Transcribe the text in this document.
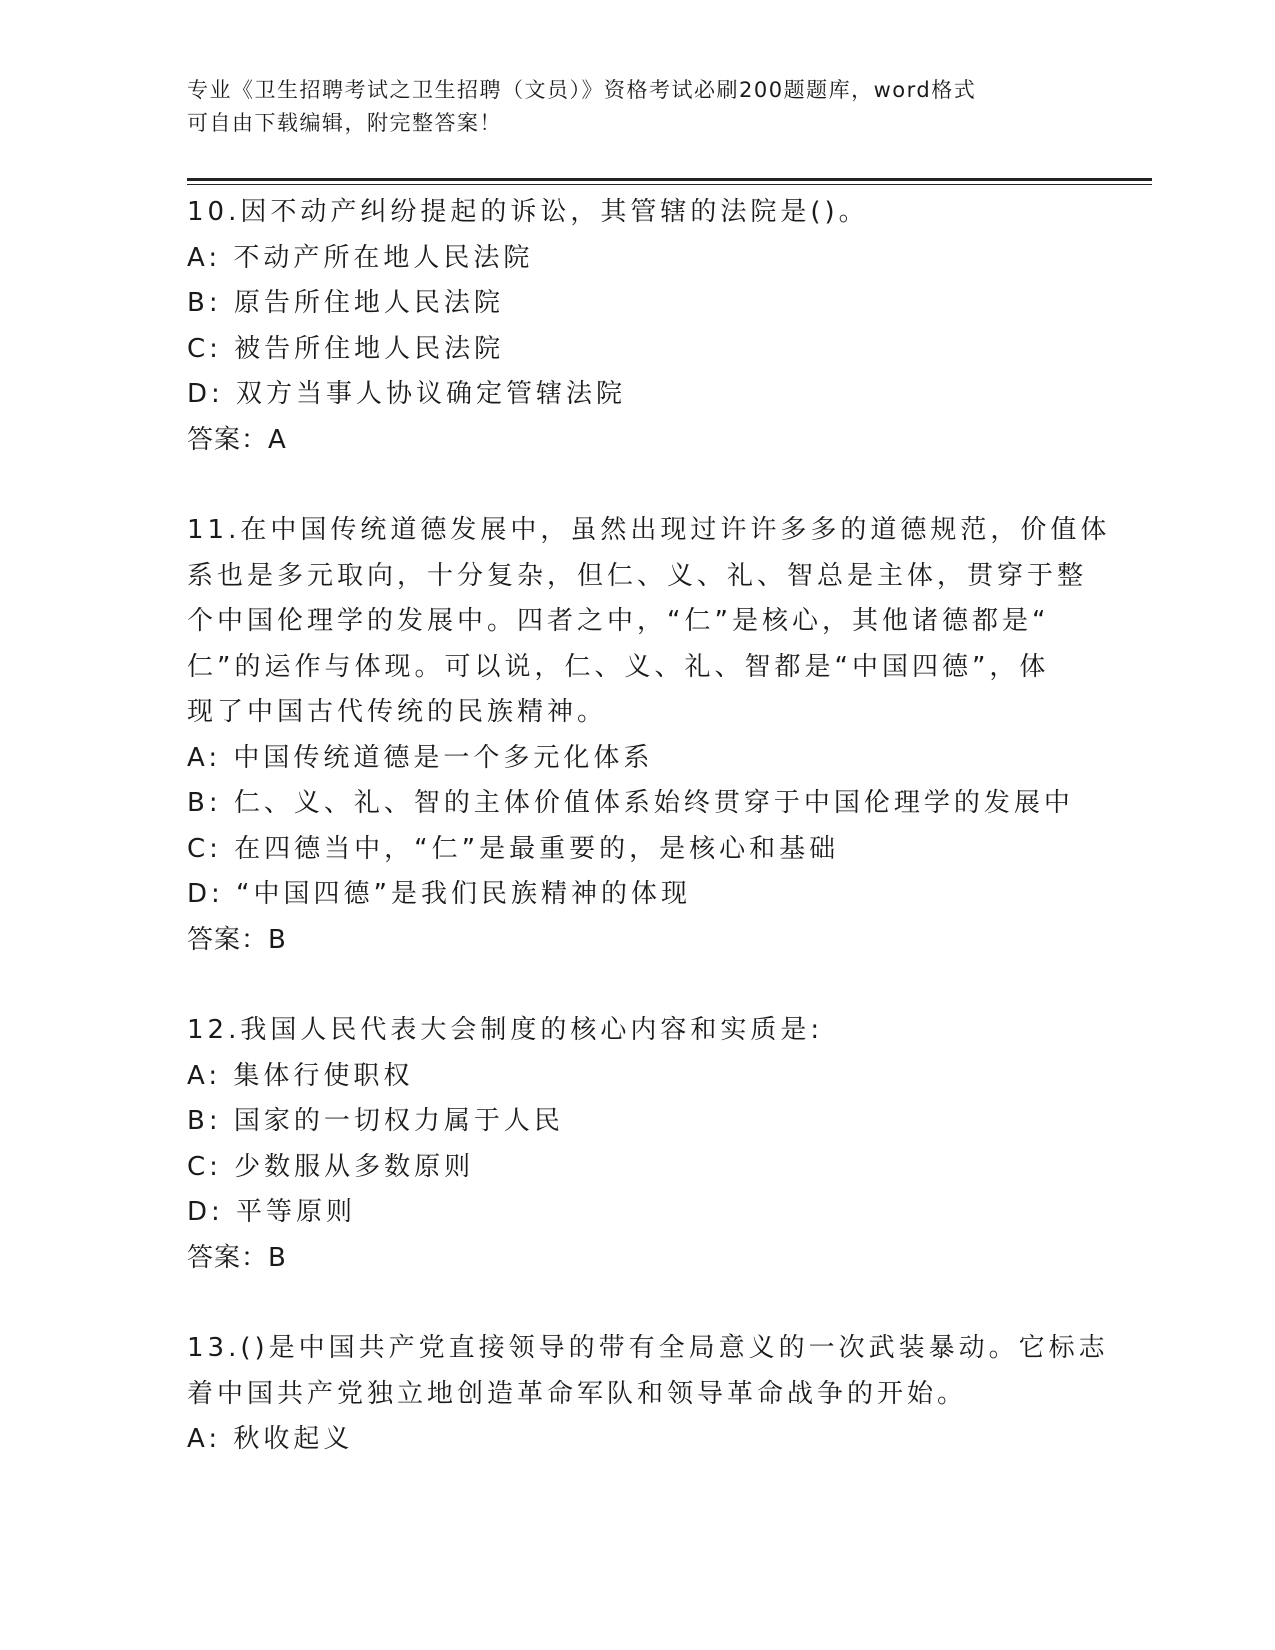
专业《卫生招聘考试之卫生招聘（文员）》资格考试必刷200题题库，word格式
可自由下载编辑，附完整答案！
10.因不动产纠纷提起的诉讼，其管辖的法院是()。
A: 不动产所在地人民法院
B: 原告所住地人民法院
C: 被告所住地人民法院
D: 双方当事人协议确定管辖法院
答案：A
11.在中国传统道德发展中，虽然出现过许许多多的道德规范，价值体
系也是多元取向，十分复杂，但仁、义、礼、智总是主体，贯穿于整
个中国伦理学的发展中。四者之中，“仁”是核心，其他诸德都是“
仁”的运作与体现。可以说，仁、义、礼、智都是“中国四德”，体
现了中国古代传统的民族精神。
A: 中国传统道德是一个多元化体系
B: 仁、义、礼、智的主体价值体系始终贯穿于中国伦理学的发展中
C: 在四德当中，“仁”是最重要的，是核心和基础
D: “中国四德”是我们民族精神的体现
答案：B
12.我国人民代表大会制度的核心内容和实质是:
A: 集体行使职权
B: 国家的一切权力属于人民
C: 少数服从多数原则
D: 平等原则
答案：B
13.()是中国共产党直接领导的带有全局意义的一次武装暴动。它标志
着中国共产党独立地创造革命军队和领导革命战争的开始。
A: 秋收起义
